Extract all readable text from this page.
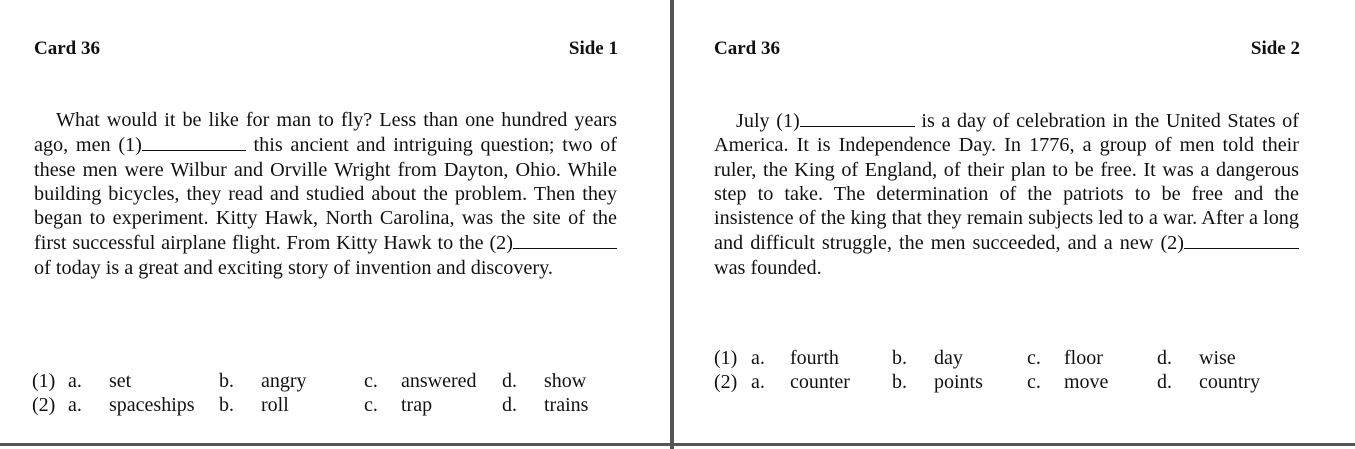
Card 36	Side 1

What would it be like for man to fly? Less than one hundred years ago, men (1)	this ancient and intriguing question; two of these men were Wilbur and Orville Wright from Dayton, Ohio. While building bicycles, they read and studied about the problem. Then they began to experiment. Kitty Hawk, North Carolina, was the site of the first successful airplane flight. From Kitty Hawk to the (2) of today is a great and exciting story of invention and discovery.

(1) a. set	b. angry	c. answered d. show
(2) a. spaceships b. roll	c. trap	d. trains
Card 36	Side 2

July (1)	is a day of celebration in the United States of America. It is Independence Day. In 1776, a group of men told their ruler, the King of England, of their plan to be free. It was a dangerous step to take. The determination of the patriots to be free and the insistence of the king that they remain subjects led to a war. After a long and difficult struggle, the men succeeded, and a new (2) was founded.

(1) a. fourth	b. day	c. floor	d. wise
(2) a. counter b. points c. move d. country
